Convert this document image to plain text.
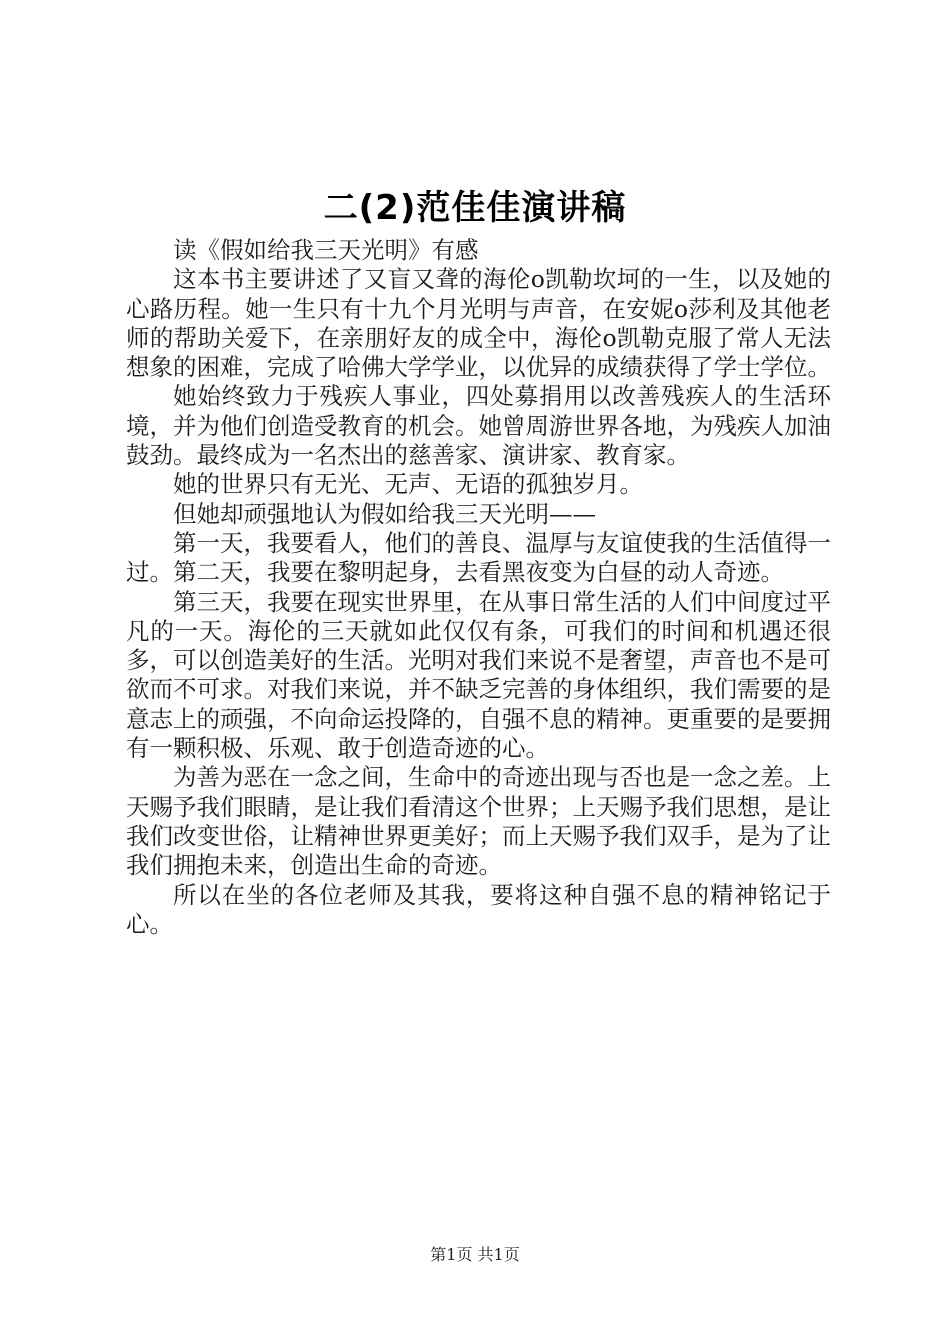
二(2)范佳佳演讲稿

读《假如给我三天光明》有感

这本书主要讲述了又盲又聋的海伦ο凯勒坎坷的一生，以及她的心路历程。她一生只有十九个月光明与声音，在安妮ο莎利及其他老师的帮助关爱下，在亲朋好友的成全中，海伦ο凯勒克服了常人无法想象的困难，完成了哈佛大学学业，以优异的成绩获得了学士学位。

她始终致力于残疾人事业，四处募捐用以改善残疾人的生活环境，并为他们创造受教育的机会。她曾周游世界各地，为残疾人加油鼓劲。最终成为一名杰出的慈善家、演讲家、教育家。

她的世界只有无光、无声、无语的孤独岁月。

但她却顽强地认为假如给我三天光明——

第一天，我要看人，他们的善良、温厚与友谊使我的生活值得一过。第二天，我要在黎明起身，去看黑夜变为白昼的动人奇迹。

第三天，我要在现实世界里，在从事日常生活的人们中间度过平凡的一天。海伦的三天就如此仅仅有条，可我们的时间和机遇还很多，可以创造美好的生活。光明对我们来说不是奢望，声音也不是可欲而不可求。对我们来说，并不缺乏完善的身体组织，我们需要的是意志上的顽强，不向命运投降的，自强不息的精神。更重要的是要拥有一颗积极、乐观、敢于创造奇迹的心。

为善为恶在一念之间，生命中的奇迹出现与否也是一念之差。上天赐予我们眼睛，是让我们看清这个世界；上天赐予我们思想，是让我们改变世俗，让精神世界更美好；而上天赐予我们双手，是为了让我们拥抱未来，创造出生命的奇迹。

所以在坐的各位老师及其我，要将这种自强不息的精神铭记于心。

第1页 共1页
